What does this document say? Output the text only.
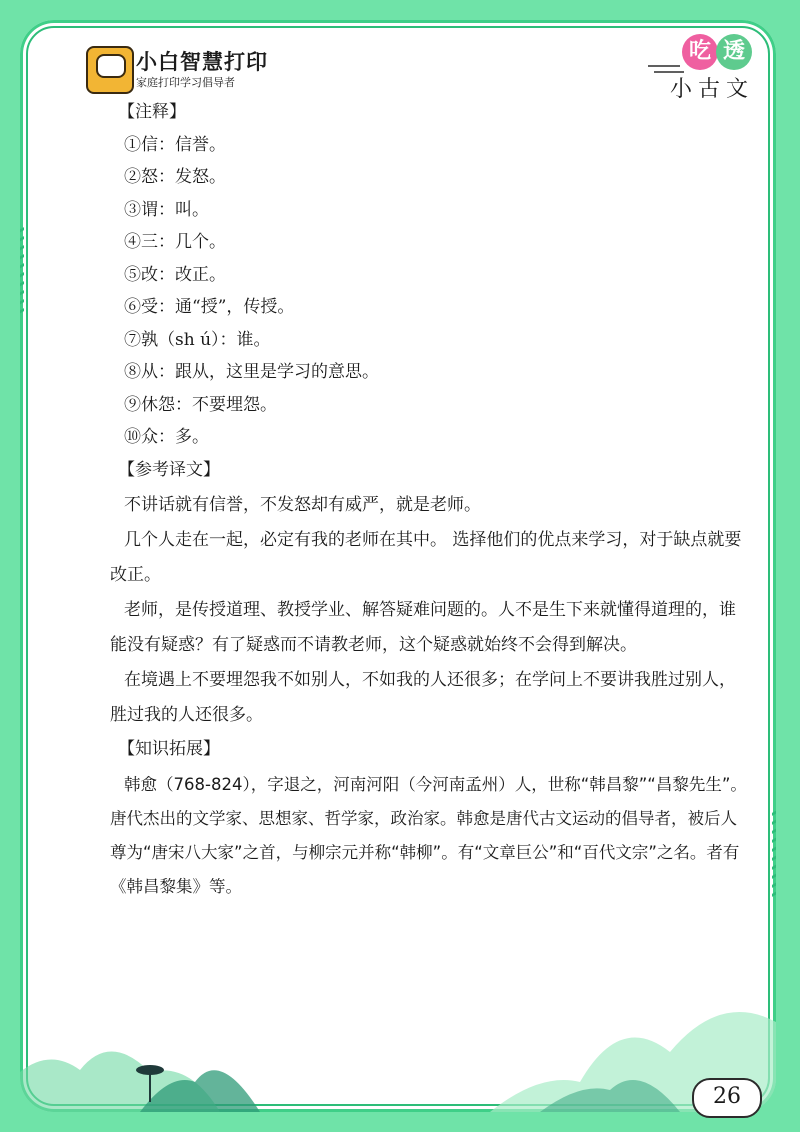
小白智慧打印
家庭打印学习倡导者
吃 透
小古文
【注释】
①信：信誉。
②怒：发怒。
③谓：叫。
④三：几个。
⑤改：改正。
⑥受：通“授”，传授。
⑦孰（sh ú）：谁。
⑧从：跟从，这里是学习的意思。
⑨休怨：不要埋怨。
⑩众：多。
【参考译文】

不讲话就有信誉，不发怒却有威严，就是老师。

几个人走在一起，必定有我的老师在其中。 选择他们的优点来学习，对于缺点就要改正。

老师，是传授道理、教授学业、解答疑难问题的。人不是生下来就懂得道理的，谁能没有疑惑？有了疑惑而不请教老师，这个疑惑就始终不会得到解决。

在境遇上不要埋怨我不如别人，不如我的人还很多；在学问上不要讲我胜过别人，胜过我的人还很多。

【知识拓展】
韩愈（768-824），字退之，河南河阳（今河南孟州）人，世称“韩昌黎”“昌黎先生”。唐代杰出的文学家、思想家、哲学家，政治家。韩愈是唐代古文运动的倡导者，被后人尊为“唐宋八大家”之首，与柳宗元并称“韩柳”。有“文章巨公”和“百代文宗”之名。者有《韩昌黎集》等。
26
